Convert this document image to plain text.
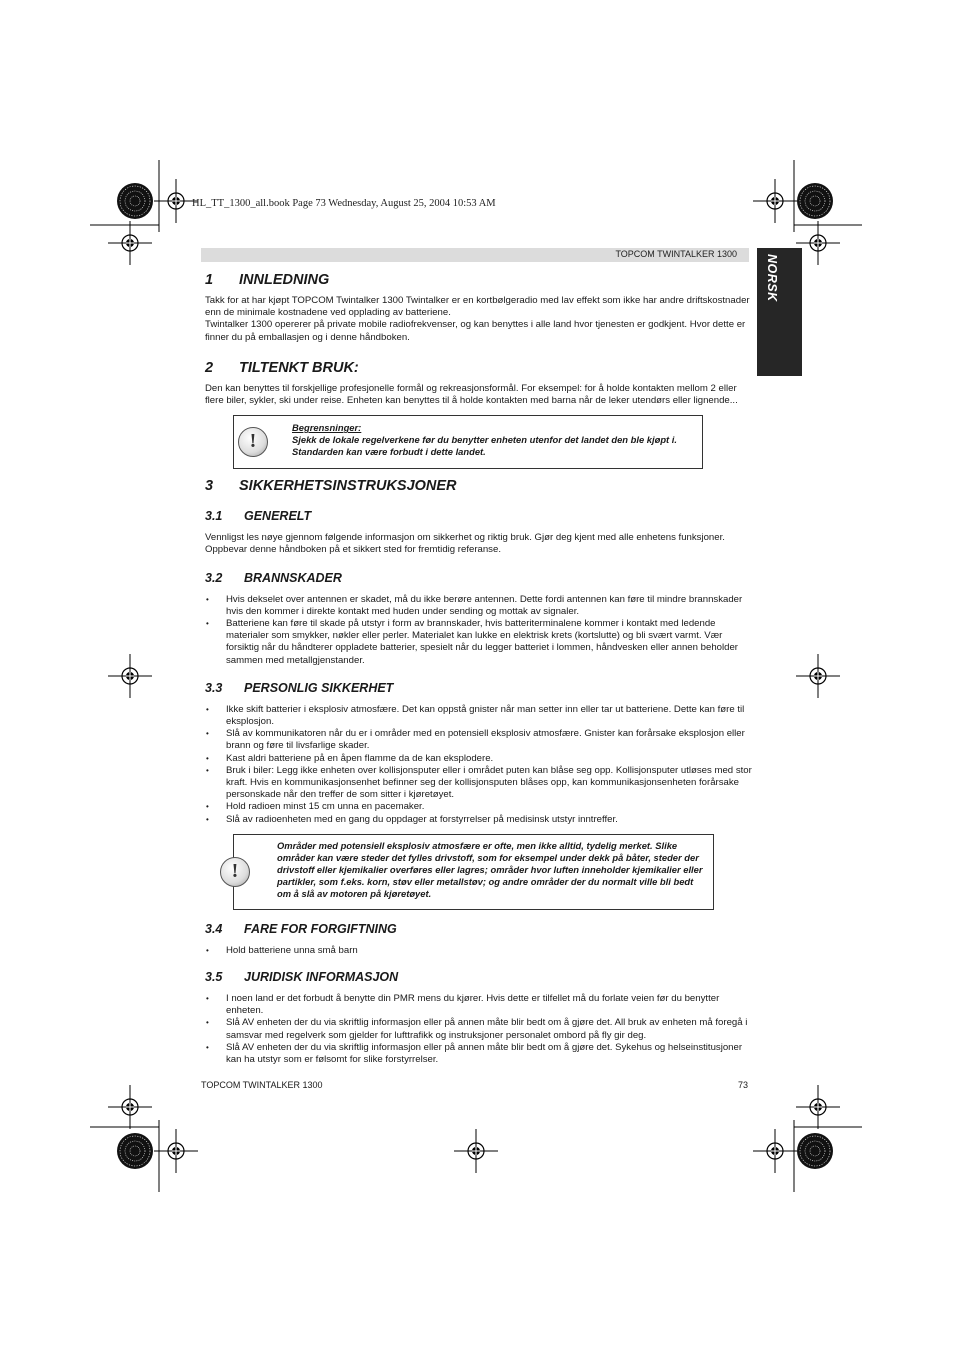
HL_TT_1300_all.book Page 73 Wednesday, August 25, 2004 10:53 AM
TOPCOM TWINTALKER 1300 NORSK
1 INNLEDNING

Takk for at har kjøpt TOPCOM Twintalker 1300 Twintalker er en kortbølgeradio med lav effekt som ikke har andre driftskostnader enn de minimale kostnadene ved opplading av batteriene.

Twintalker 1300 opererer på private mobile radiofrekvenser, og kan benyttes i alle land hvor tjenesten er godkjent. Hvor dette er finner du på emballasjen og i denne håndboken.

2 TILTENKT BRUK:

Den kan benyttes til forskjellige profesjonelle formål og rekreasjonsformål. For eksempel: for å holde kontakten mellom 2 eller flere biler, sykler, ski under reise. Enheten kan benyttes til å holde kontakten med barna når de leker utendørs eller lignende...

!
Begrensninger:
Sjekk de lokale regelverkene før du benytter enheten utenfor det landet den ble kjøpt i. Standarden kan være forbudt i dette landet.
3 SIKKERHETSINSTRUKSJONER
3.1 GENERELT

Vennligst les nøye gjennom følgende informasjon om sikkerhet og riktig bruk. Gjør deg kjent med alle enhetens funksjoner. Oppbevar denne håndboken på et sikkert sted for fremtidig referanse.

3.2 BRANNSKADER
• Hvis dekselet over antennen er skadet, må du ikke berøre antennen. Dette fordi antennen kan føre til mindre brannskader hvis den kommer i direkte kontakt med huden under sending og mottak av signaler.
• Batteriene kan føre til skade på utstyr i form av brannskader, hvis batteriterminalene kommer i kontakt med ledende materialer som smykker, nøkler eller perler. Materialet kan lukke en elektrisk krets (kortslutte) og bli svært varmt. Vær forsiktig når du håndterer oppladete batterier, spesielt når du legger batteriet i lommen, håndvesken eller annen beholder sammen med metallgjenstander.
3.3 PERSONLIG SIKKERHET
• Ikke skift batterier i eksplosiv atmosfære. Det kan oppstå gnister når man setter inn eller tar ut batteriene. Dette kan føre til eksplosjon.
• Slå av kommunikatoren når du er i områder med en potensiell eksplosiv atmosfære. Gnister kan forårsake eksplosjon eller brann og føre til livsfarlige skader.
• Kast aldri batteriene på en åpen flamme da de kan eksplodere.
• Bruk i biler: Legg ikke enheten over kollisjonsputer eller i området puten kan blåse seg opp. Kollisjonsputer utløses med stor kraft. Hvis en kommunikasjonsenhet befinner seg der kollisjonsputen blåses opp, kan kommunikasjonsenheten forårsake personskade når den treffer de som sitter i kjøretøyet.
• Hold radioen minst 15 cm unna en pacemaker.
• Slå av radioenheten med en gang du oppdager at forstyrrelser på medisinsk utstyr inntreffer.
!
Områder med potensiell eksplosiv atmosfære er ofte, men ikke alltid, tydelig merket. Slike områder kan være steder det fylles drivstoff, som for eksempel under dekk på båter, steder der drivstoff eller kjemikalier overføres eller lagres; områder hvor luften inneholder kjemikalier eller partikler, som f.eks. korn, støv eller metallstøv; og andre områder der du normalt ville bli bedt om å slå av motoren på kjøretøyet.
3.4 FARE FOR FORGIFTNING
• Hold batteriene unna små barn
3.5 JURIDISK INFORMASJON
• I noen land er det forbudt å benytte din PMR mens du kjører. Hvis dette er tilfellet må du forlate veien før du benytter enheten.
• Slå AV enheten der du via skriftlig informasjon eller på annen måte blir bedt om å gjøre det. All bruk av enheten må foregå i samsvar med regelverk som gjelder for lufttrafikk og instruksjoner personalet ombord på fly gir deg.
• Slå AV enheten der du via skriftlig informasjon eller på annen måte blir bedt om å gjøre det. Sykehus og helseinstitusjoner kan ha utstyr som er følsomt for slike forstyrrelser.
TOPCOM TWINTALKER 1300	73
